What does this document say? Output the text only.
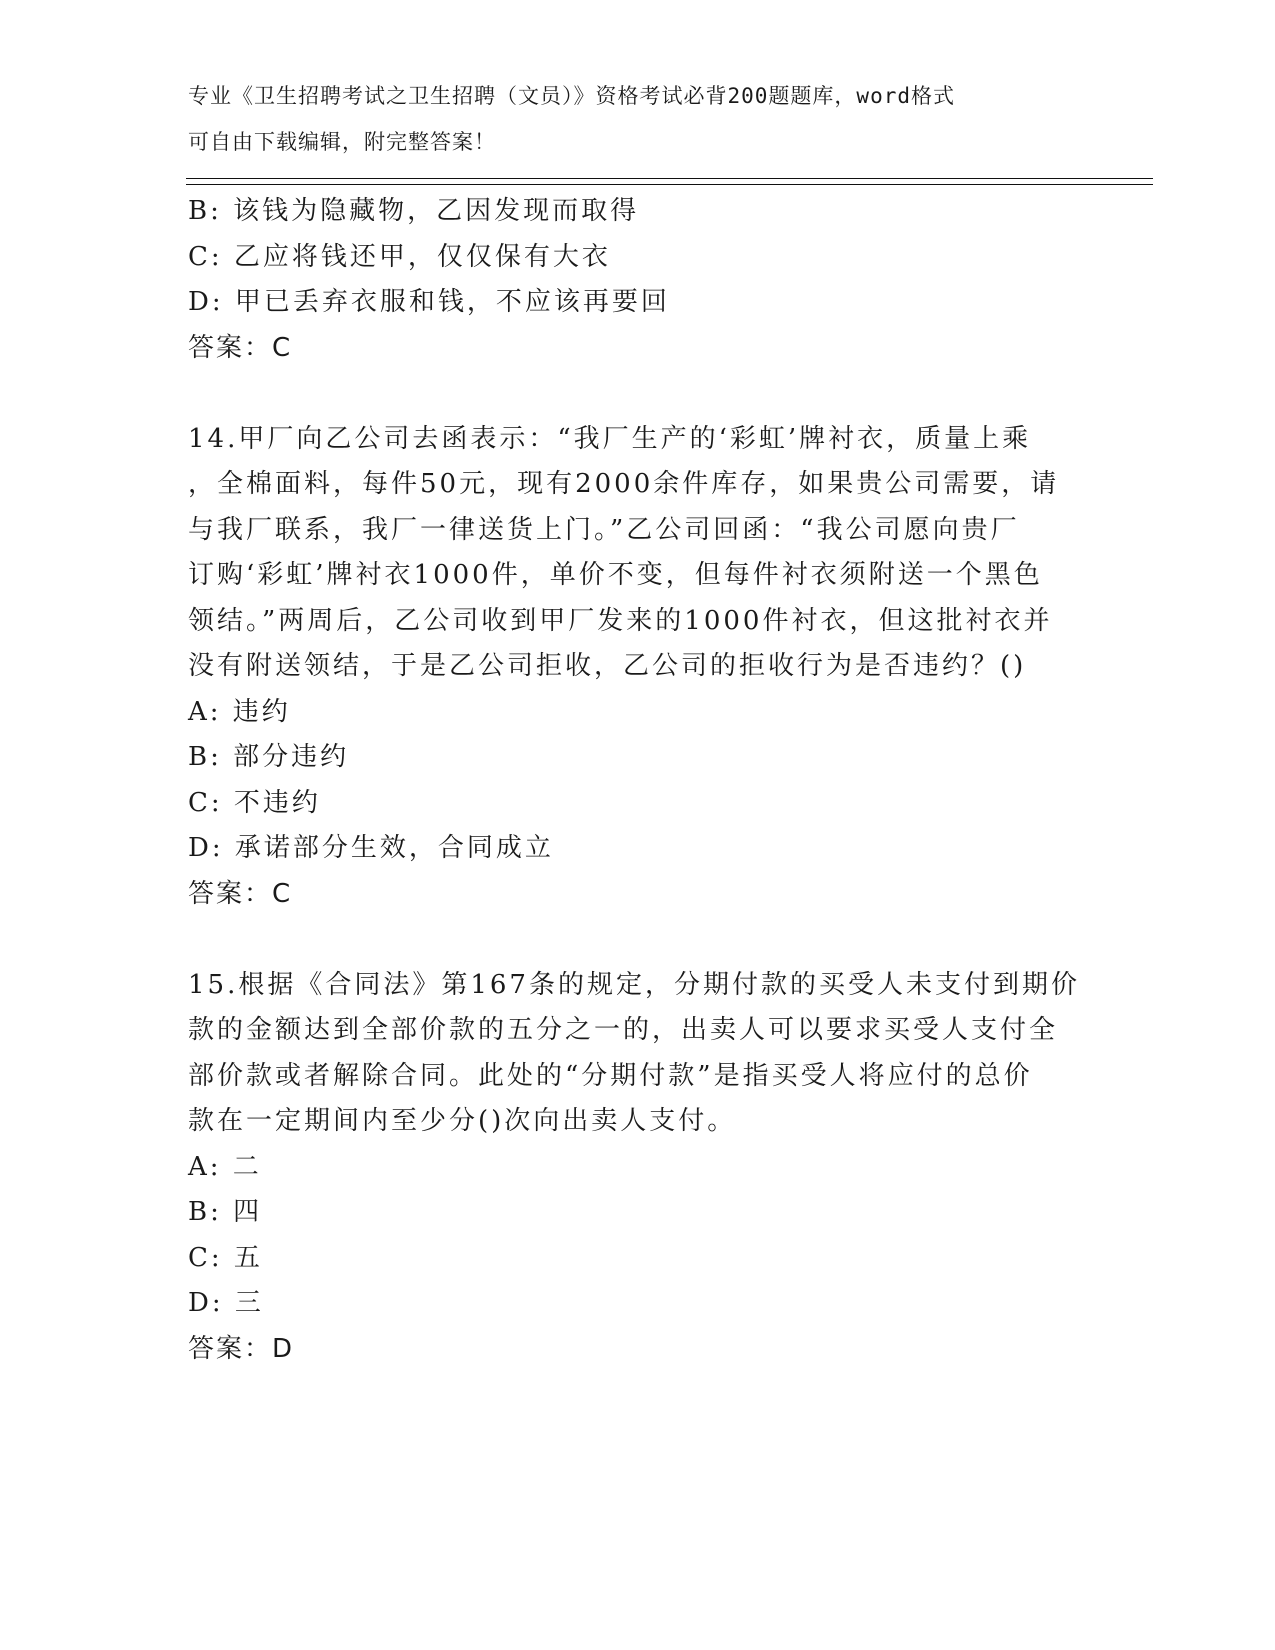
专业《卫生招聘考试之卫生招聘（文员）》资格考试必背200题题库，word格式
可自由下载编辑，附完整答案！
B: 该钱为隐藏物，乙因发现而取得
C: 乙应将钱还甲，仅仅保有大衣
D: 甲已丢弃衣服和钱，不应该再要回
答案：C
14.甲厂向乙公司去函表示：“我厂生产的‘彩虹’牌衬衣，质量上乘
，全棉面料，每件50元，现有2000余件库存，如果贵公司需要，请
与我厂联系，我厂一律送货上门。”乙公司回函：“我公司愿向贵厂
订购‘彩虹’牌衬衣1000件，单价不变，但每件衬衣须附送一个黑色
领结。”两周后，乙公司收到甲厂发来的1000件衬衣，但这批衬衣并
没有附送领结，于是乙公司拒收，乙公司的拒收行为是否违约？()
A: 违约
B: 部分违约
C: 不违约
D: 承诺部分生效，合同成立
答案：C
15.根据《合同法》第167条的规定，分期付款的买受人未支付到期价
款的金额达到全部价款的五分之一的，出卖人可以要求买受人支付全
部价款或者解除合同。此处的“分期付款”是指买受人将应付的总价
款在一定期间内至少分()次向出卖人支付。
A: 二
B: 四
C: 五
D: 三
答案：D
